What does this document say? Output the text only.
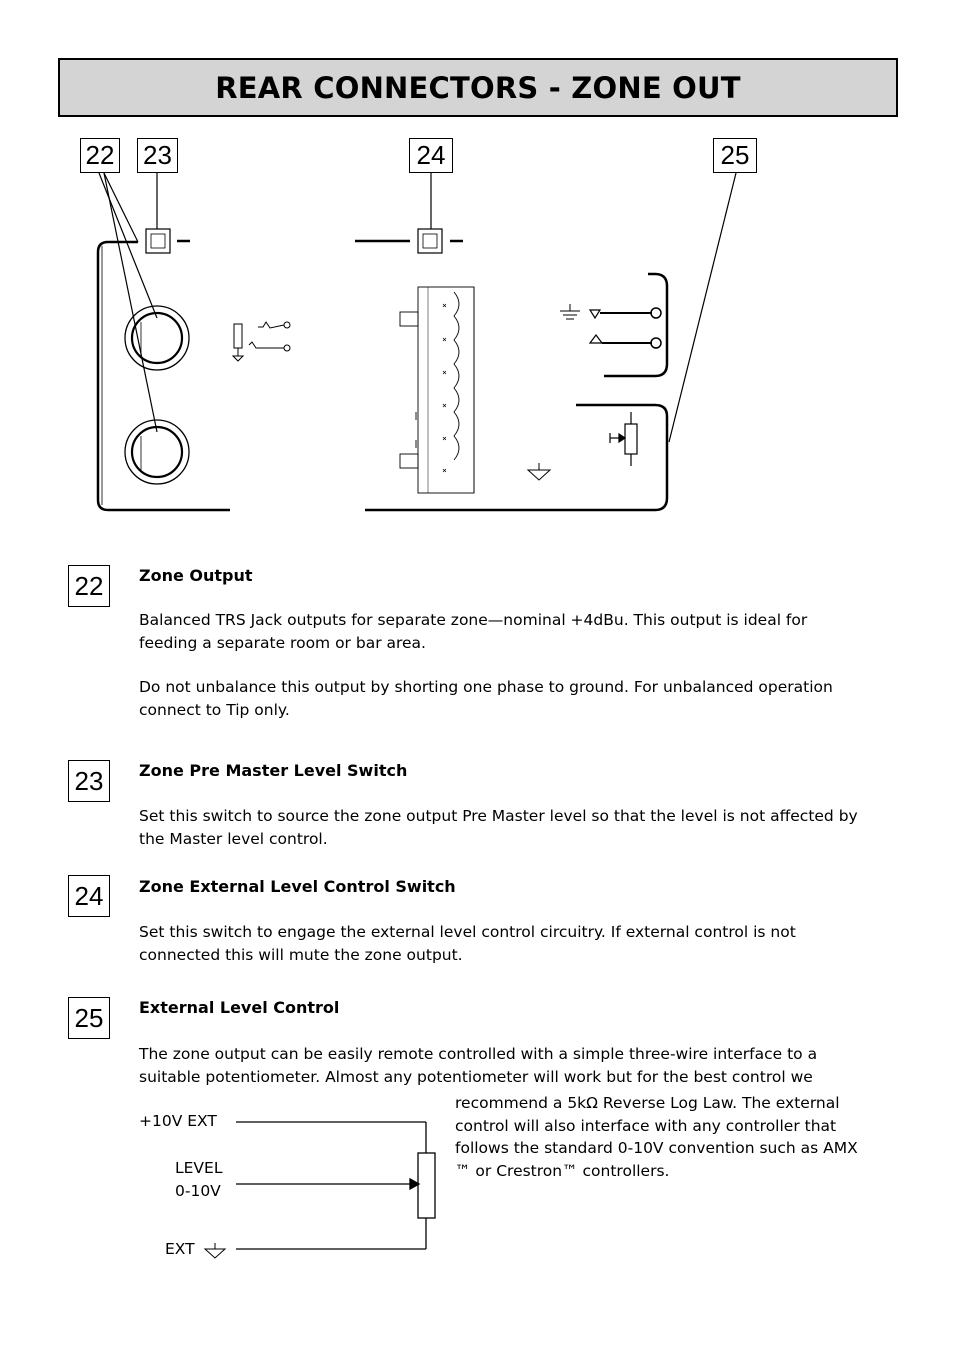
REAR CONNECTORS - ZONE OUT
22 23	24	25
22 Zone Output

Balanced TRS Jack outputs for separate zone—nominal +4dBu. This output is ideal for feeding a separate room or bar area.

Do not unbalance this output by shorting one phase to ground. For unbalanced operation connect to Tip only.

23 Zone Pre Master Level Switch

Set this switch to source the zone output Pre Master level so that the level is not affected by the Master level control.

24 Zone External Level Control Switch

Set this switch to engage the external level control circuitry. If external control is not connected this will mute the zone output.

25 External Level Control

The zone output can be easily remote controlled with a simple three-wire interface to a suitable potentiometer. Almost any potentiometer will work but for the best control we

recommend a 5kΩ Reverse Log Law. The external control will also interface with any controller that follows the standard 0-10V convention such as AMX ™ or Crestron™ controllers.

+10V EXT
LEVEL
0-10V
EXT
